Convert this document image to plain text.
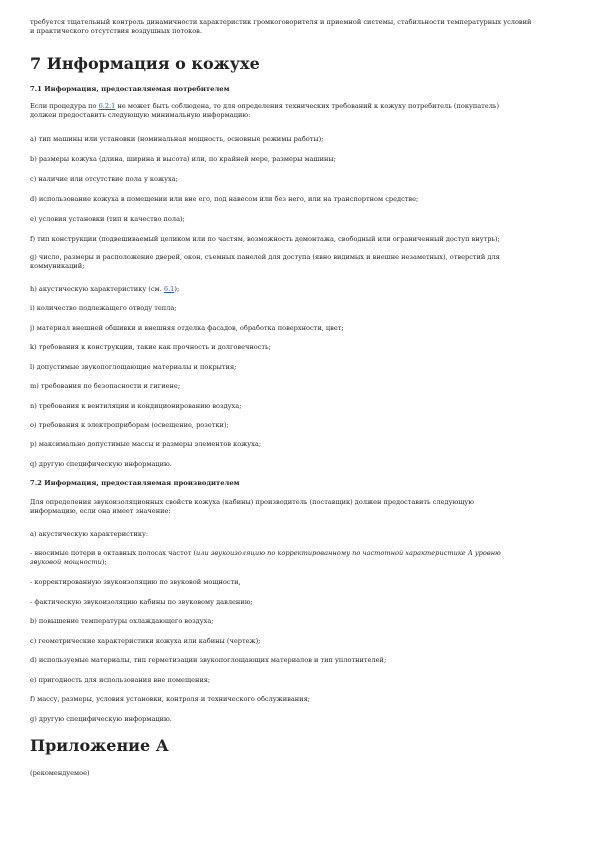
требуется тщательный контроль динамичности характеристик громкоговорителя и приемной системы, стабильности температурных условий
и практического отсутствия воздушных потоков.
7 Информация о кожухе
7.1 Информация, предоставляемая потребителем
Если процедура по 6.2.1 не может быть соблюдена, то для определения технических требований к кожуху потребитель (покупатель)
должен предоставить следующую минимальную информацию:
а) тип машины или установки (номинальная мощность, основные режимы работы);
b) размеры кожуха (длина, ширина и высота) или, по крайней мере, размеры машины;
с) наличие или отсутствие пола у кожуха;
d) использование кожуха в помещении или вне его, под навесом или без него, или на транспортном средстве;
e) условия установки (тип и качество пола);
f) тип конструкции (подвешиваемый целиком или по частям, возможность демонтажа, свободный или ограниченный доступ внутрь);
g) число, размеры и расположение дверей, окон, съемных панелей для доступа (явно видимых и внешне незаметных), отверстий для
коммуникаций;
h) акустическую характеристику (см. 6.1);
i) количество подлежащего отводу тепла;
j) материал внешней обшивки и внешняя отделка фасадов, обработка поверхности, цвет;
k) требования к конструкции, такие как прочность и долговечность;
l) допустимые звукопоглощающие материалы и покрытия;
m) требования по безопасности и гигиене;
n) требования к вентиляции и кондиционированию воздуха;
o) требования к электроприборам (освещение, розетки);
p) максимально допустимые массы и размеры элементов кожуха;
q) другую специфическую информацию.
7.2 Информация, предоставляемая производителем
Для определения звукоизоляционных свойств кожуха (кабины) производитель (поставщик) должен предоставить следующую
информацию, если она имеет значение:
а) акустическую характеристику:
- вносимые потери в октавных полосах частот (или звукоизоляцию по корректированному по частотной характеристике А уровню
звуковой мощности);
- корректированную звукоизоляцию по звуковой мощности,
- фактическую звукоизоляцию кабины по звуковому давлению;
b) повышение температуры охлаждающего воздуха;
с) геометрические характеристики кожуха или кабины (чертеж);
d) используемые материалы, тип герметизации звукопоглощающих материалов и тип уплотнителей;
е) пригодность для использования вне помещения;
f) массу, размеры, условия установки, контроля и технического обслуживания;
g) другую специфическую информацию.
Приложение А
(рекомендуемое)
